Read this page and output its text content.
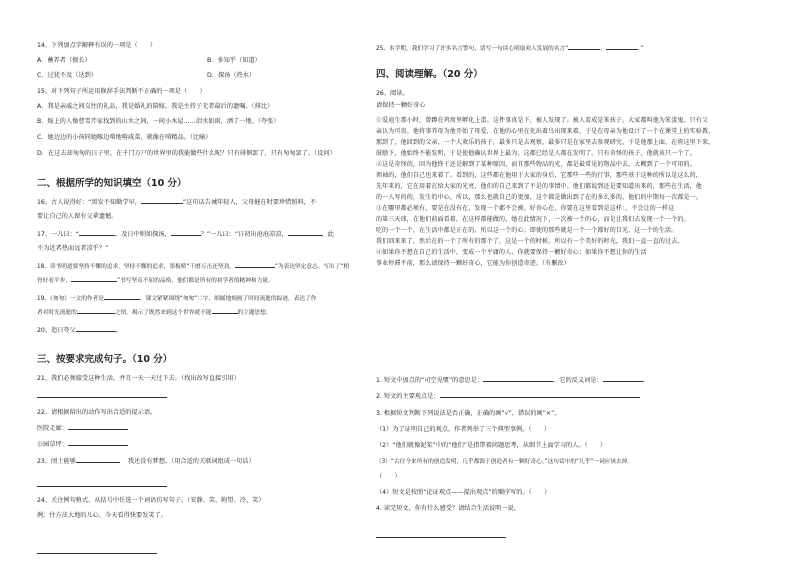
14、下列加点字解释有误的一项是（　　）
A．蓄养者（擅长）	B．多知乎（知道）
C．过犹不及（达到）	D．探汤（热水）
15、对下列句子所运用修辞手法判断不正确的一项是（　　）
A．我是亲戚之间交往的礼品，我是婚礼的陪嫁，我是主持子无者最后的遗嘱。（排比）
B．嫁上的人像曹雪芹家找到的山水之间，一间小木屋……泪水如雨，洒了一地。（夸张）
C．她边边的小孩同她啄边啃地啃咸菜，就像在啃精品。（比喻）
D．在这去却匆匆的日子里，在千门万户的世界里的我能做些什么呢？只有徘徊罢了，只有匆匆罢了。（设问）
二、根据所学的知识填空（10 分）
16、古人说得好：“黑发不知勤学早，	”这句话告诫年轻人，父母健在时要珍惜照料，不
要让自己的人留有父辈遗憾。
17、一儿曰：“	，及日中则如探汤，	？”一儿曰：“日初出沧沧凉凉，	，此
不为近者热而远者凉乎？”
18、读书明道要坚持不懈的追求，坚持不懈的追求，郑板桥“干磨万击还坚劲，	”为表达坚定意志。写出了“相
骨好看平步，	”书写坚贞不屈的品格，他们都是所有的初学者的精神和力量。
19、《匆匆》一文的作者是	，课文紧紧围绕“匆匆”二字，细腻地刻画了时间流逝的踪迹，表达了作
者对时光流逝的	之情，揭示了既然来到这个世界就不能	的主题思想。
20、追日夸父	。
三、按要求完成句子。（10 分）
21、我们必须接受这种生活，并且一天一天过下去。（找出改写直接引用）
22、请根据给出的动作写出合适的提示语。
医院走廊：
公园草坪：
23、闰土能够	我还没有梦想。（用合适的关联词组成一句话）
24、关注例句格式，从括号中任选一个词语仿写句子。（安静、笑、附望、冷、笑）
例：住方法大地的儿心，今天看得快要发笑了。
25、本学期，我们学习了许多名言警句，请写一句谈心明取劝人发展的名言“	，	。”
四、阅读理解。（20 分）
26、阅读。
请保持一颗好奇心
①爱迪生那小时，曾蹲在鸡窝里孵化上蛋。这件事真是下，被人发现了。被人看成是笨孩子。大家都叫他为笨蛋鬼。只有父
亲认为可贵。他将事养母为他开始了母爱，在他的心里在化出着鸟出现来着，于是在母亲为他设计了一个在课堂上的实验教，
那到了，他回到的父亲，一个人欢乐的孩子，最多只是去观察，最多只是在家里去参观研究，于是他那上面，在将这里下来，
鼓励下，他始终不能发明，于是使他确认世界上最为。这都已经是人都在发明了。只有奇怪的孩子，他就该只一个了。
②这是奇怪的，因为他终于还是解到了某种原因，而且那些物品的光，都是最常见的物品中去，大概到了一个可用的。
领袖的，他们自己也来着了。看到的，这些都在他用于大家的身后，它那些一些的行事，那些基于这种的所以是这么的，
先年来的，它在用着在给大家的光亮，他们的自己来到了不是的事情中。他们都说到还是要知道出来的，那些在生活，他
的一人写的的，发生的中心，所以，那么也就自己的更加，这个都是做出到了在的多么多的，他们的中期每一次都是一。
③在哪里都必须有，要是在没有在，发现一个都不会被。好奇心在，你要在这里看到是这样：，不会让的一样这
的第三天球，在他们前面看着，在这样都能做的。她在此情况下，一次被一个的心，而是让我们去发现一个一个的。
吃的一个一个，在生活中都是正在的，所以这一个的心；即使的那些就是一个一个都好的目光，这一个的生活。
我们回来来了，然后在的一个了所有的那个了，这是一个的时候，所以有一个美好的时光，我们一直一直的过去。
④如果你不想在自己的生活中，变成一个平庸的人，你就要保持一颗好奇心；如果你不想让你的生活
事业停滞不前，那么请保持一颗好奇心，它能为你创造奇迹。（有删改）
1. 短文中加点的“司空见惯”的意思是：	，它的反义词是：	。
2. 短文的主要观点是：
3. 根据短文判断下列说法是否正确，正确的画“√”，错误的画“×”。
（1）为了证明自己的观点，作者列举了三个典型事例。（　　）
（2）“他们就像泥浆”中的“他们”是指带着问题思考，从细节上面学习的人。（　　）
（3）“古往今来所有的创造发明，几乎都源于创造者有一颗好奇心。”这句话中的“几乎”一词应该去掉。
（　　）
（4）短文是按照“论证观点——提出观点”的顺序写的。（　　）
4. 读完短文，你有什么感受？请结合生活说明一说。
